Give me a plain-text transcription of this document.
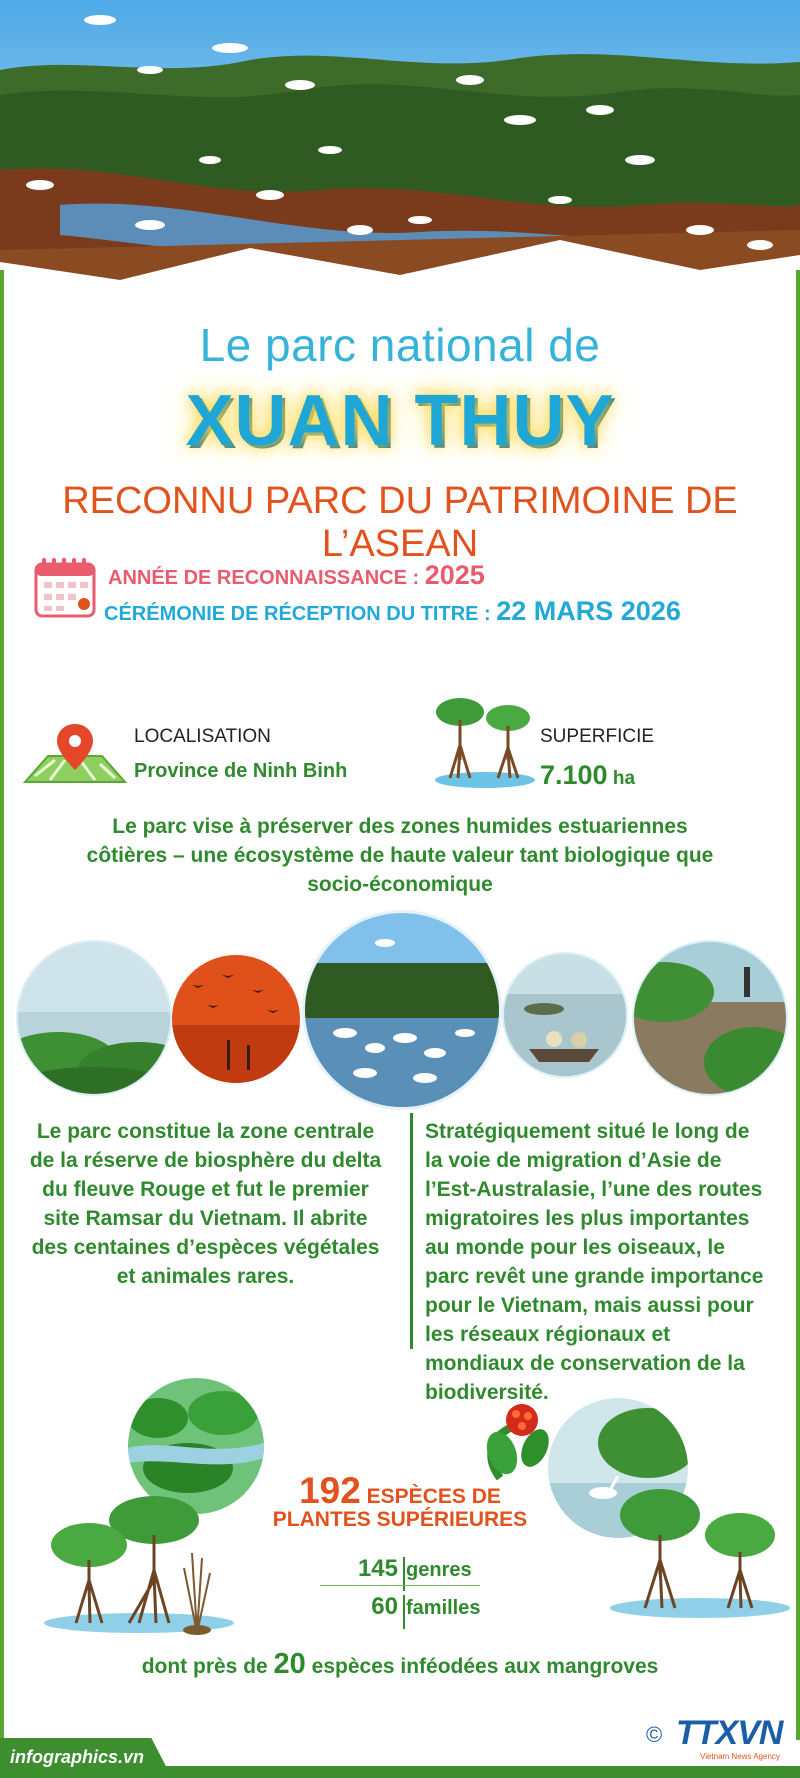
Le parc national de
XUAN THUY
RECONNU PARC DU PATRIMOINE DE L’ASEAN
ANNÉE DE RECONNAISSANCE : 2025
CÉRÉMONIE DE RÉCEPTION DU TITRE : 22 MARS 2026
LOCALISATION
Province de Ninh Binh
SUPERFICIE
7.100 ha
Le parc vise à préserver des zones humides estuariennes
côtières – une écosystème de haute valeur tant biologique que
socio-économique
Le parc constitue la zone centrale
de la réserve de biosphère du delta
du fleuve Rouge et fut le premier
site Ramsar du Vietnam. Il abrite
des centaines d’espèces végétales
et animales rares.
Stratégiquement situé le long de
la voie de migration d’Asie de
l’Est-Australasie, l’une des routes
migratoires les plus importantes
au monde pour les oiseaux, le
parc revêt une grande importance
pour le Vietnam, mais aussi pour
les réseaux régionaux et
mondiaux de conservation de la
biodiversité.
192 ESPÈCES DE
PLANTES SUPÉRIEURES
145 genres
60 familles
dont près de 20 espèces inféodées aux mangroves
infographics.vn
© TTXVN
Vietnam News Agency
